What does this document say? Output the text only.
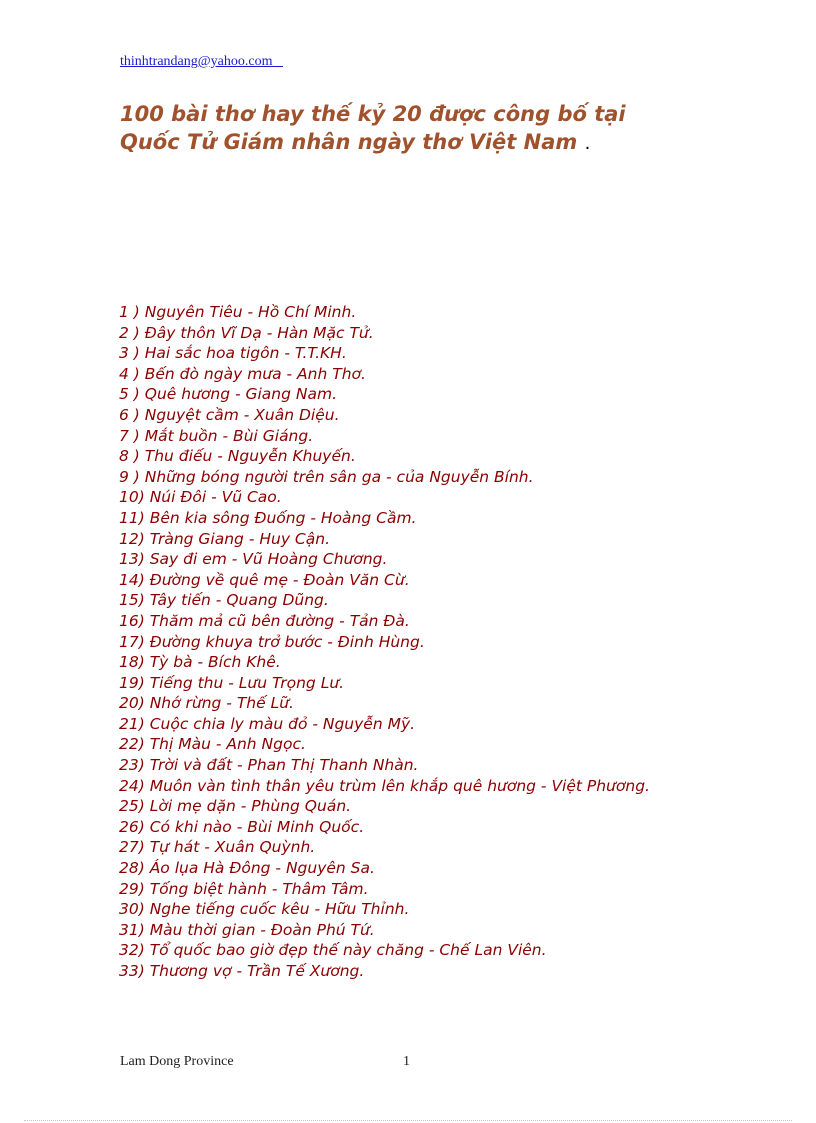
thinhtrandang@yahoo.com
100 bài thơ hay thế kỷ 20 được công bố tại
Quốc Tử Giám nhân ngày thơ Việt Nam .
1 ) Nguyên Tiêu - Hồ Chí Minh.
2 ) Đây thôn Vĩ Dạ - Hàn Mặc Tử.
3 ) Hai sắc hoa tigôn - T.T.KH.
4 ) Bến đò ngày mưa - Anh Thơ.
5 ) Quê hương - Giang Nam.
6 ) Nguyệt cầm - Xuân Diệu.
7 ) Mắt buồn - Bùi Giáng.
8 ) Thu điếu - Nguyễn Khuyến.
9 ) Những bóng người trên sân ga - của Nguyễn Bính.
10) Núi Đôi - Vũ Cao.
11) Bên kia sông Đuống - Hoàng Cầm.
12) Tràng Giang - Huy Cận.
13) Say đi em - Vũ Hoàng Chương.
14) Đường về quê mẹ - Đoàn Văn Cừ.
15) Tây tiến - Quang Dũng.
16) Thăm mả cũ bên đường - Tản Đà.
17) Đường khuya trở bước - Đinh Hùng.
18) Tỳ bà - Bích Khê.
19) Tiếng thu - Lưu Trọng Lư.
20) Nhớ rừng - Thế Lữ.
21) Cuộc chia ly màu đỏ - Nguyễn Mỹ.
22) Thị Màu - Anh Ngọc.
23) Trời và đất - Phan Thị Thanh Nhàn.
24) Muôn vàn tình thân yêu trùm lên khắp quê hương - Việt Phương.
25) Lời mẹ dặn - Phùng Quán.
26) Có khi nào - Bùi Minh Quốc.
27) Tự hát - Xuân Quỳnh.
28) Áo lụa Hà Đông - Nguyên Sa.
29) Tống biệt hành - Thâm Tâm.
30) Nghe tiếng cuốc kêu - Hữu Thỉnh.
31) Màu thời gian - Đoàn Phú Tứ.
32) Tổ quốc bao giờ đẹp thế này chăng - Chế Lan Viên.
33) Thương vợ - Trần Tế Xương.
Lam Dong Province	1
